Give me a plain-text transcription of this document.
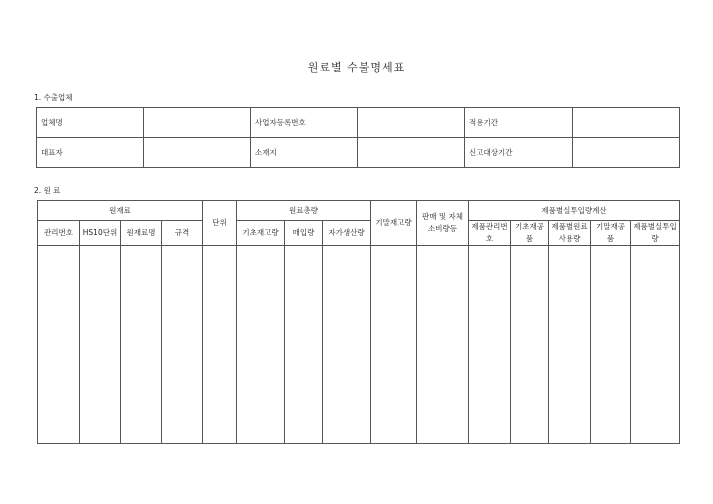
원료별 수불명세표
1. 수출업체
업체명		사업자등록번호		적용기간	
대표자		소재지		신고대상기간	
2. 원 료
원재료				단위	원료총량			기말재고량	판매 및 자체
소비량등	제품별실투입량계산				
관리번호	HS10단위	원재료명	규격		기초재고량	매입량	자가생산량			제품관리번호	기초재공품	제품별원료사용량	기말재공품	제품별실투입량
